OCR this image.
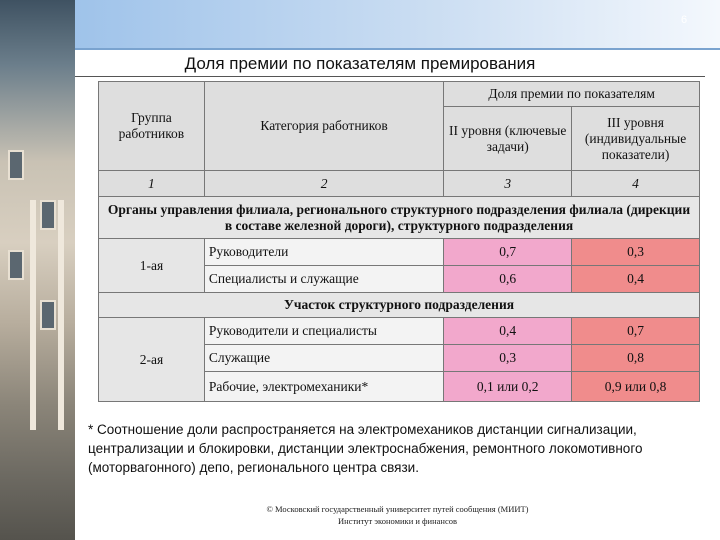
6
Доля премии по показателям премирования
Группа работников	Категория работников	Доля премии по показателям	
		II уровня (ключевые задачи)	III уровня (индивидуальные показатели)
1	2	3	4
Органы управления филиала, регионального структурного подразделения филиала (дирекции в составе железной дороги), структурного подразделения			
1-ая	Руководители	0,7	0,3
	Специалисты и служащие	0,6	0,4
Участок структурного подразделения			
2-ая	Руководители и специалисты	0,4	0,7
	Служащие	0,3	0,8
	Рабочие, электромеханики*	0,1 или 0,2	0,9 или 0,8
* Соотношение доли распространяется на электромехаников дистанции сигнализации, централизации и блокировки, дистанции электроснабжения, ремонтного локомотивного (моторвагонного) депо, регионального центра связи.
© Московский государственный университет путей сообщения (МИИТ)
Институт экономики и финансов
